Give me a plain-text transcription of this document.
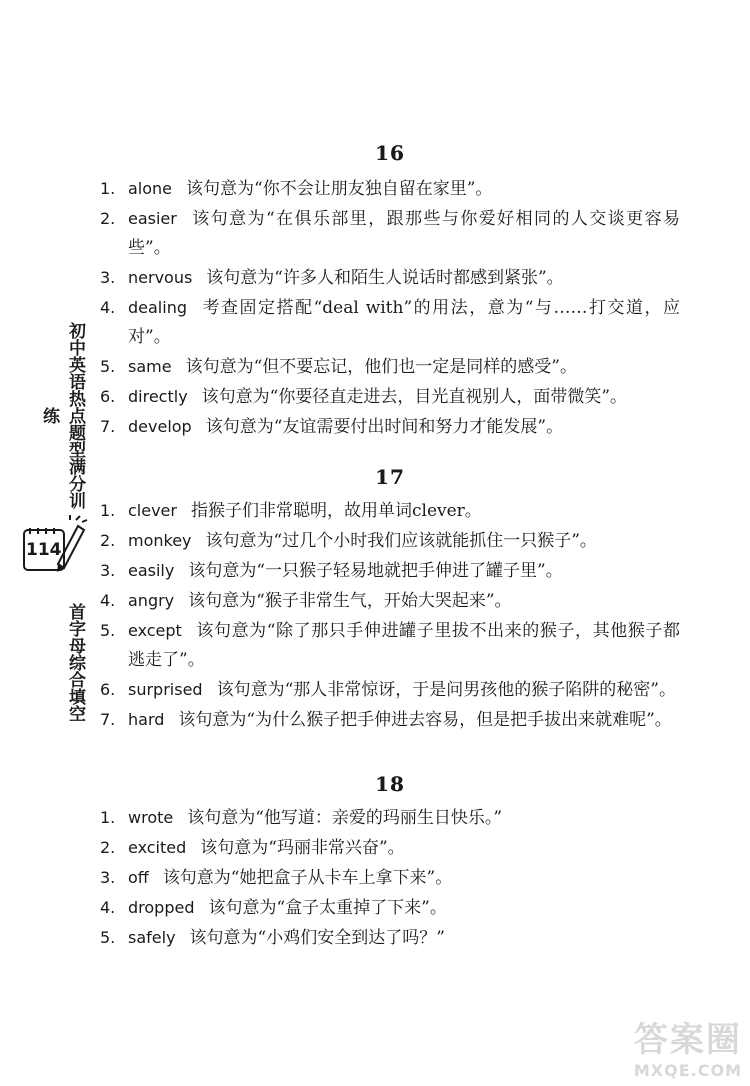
初中英语热点题型满分训练
114
首字母综合填空
16
1. alone 该句意为“你不会让朋友独自留在家里”。
2. easier 该句意为“在俱乐部里，跟那些与你爱好相同的人交谈更容易些”。
3. nervous 该句意为“许多人和陌生人说话时都感到紧张”。
4. dealing 考查固定搭配“deal with”的用法，意为“与……打交道，应对”。
5. same 该句意为“但不要忘记，他们也一定是同样的感受”。
6. directly 该句意为“你要径直走进去，目光直视别人，面带微笑”。
7. develop 该句意为“友谊需要付出时间和努力才能发展”。
17
1. clever 指猴子们非常聪明，故用单词clever。
2. monkey 该句意为“过几个小时我们应该就能抓住一只猴子”。
3. easily 该句意为“一只猴子轻易地就把手伸进了罐子里”。
4. angry 该句意为“猴子非常生气，开始大哭起来”。
5. except 该句意为“除了那只手伸进罐子里拔不出来的猴子，其他猴子都逃走了”。
6. surprised 该句意为“那人非常惊讶，于是问男孩他的猴子陷阱的秘密”。
7. hard 该句意为“为什么猴子把手伸进去容易，但是把手拔出来就难呢”。
18
1. wrote 该句意为“他写道：亲爱的玛丽生日快乐。”
2. excited 该句意为“玛丽非常兴奋”。
3. off 该句意为“她把盒子从卡车上拿下来”。
4. dropped 该句意为“盒子太重掉了下来”。
5. safely 该句意为“小鸡们安全到达了吗？”
答案圈
MXQE.COM
